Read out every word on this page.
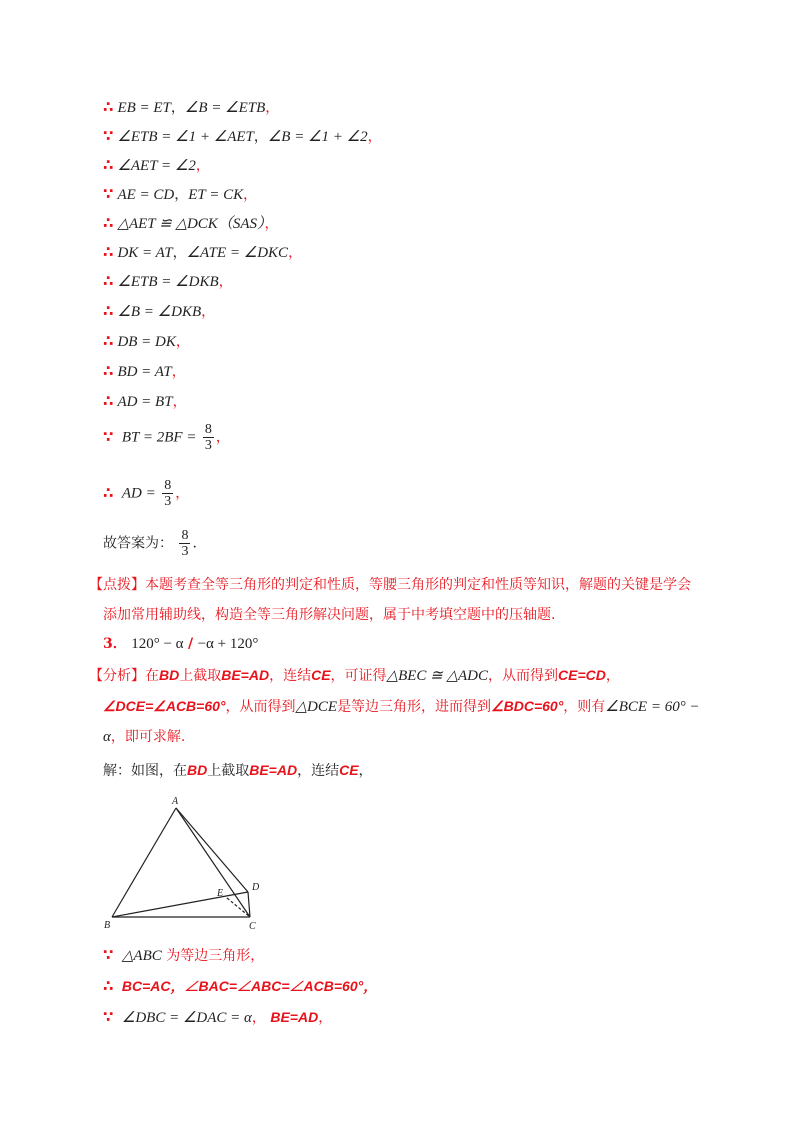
∴ EB = ET，∠B = ∠ETB，
∵ ∠ETB = ∠1 + ∠AET，∠B = ∠1 + ∠2，
∴ ∠AET = ∠2，
∵ AE = CD，ET = CK，
∴ △AET ≌ △DCK（SAS），
∴ DK = AT，∠ATE = ∠DKC，
∴ ∠ETB = ∠DKB，
∴ ∠B = ∠DKB，
∴ DB = DK，
∴ BD = AT，
∴ AD = BT，
∵ BT = $2BF = \frac{8}{3}$ ，
∴ AD = $\frac{8}{3}$ ，
故答案为： $\frac{8}{3}$ .
【点拨】本题考查全等三角形的判定和性质，等腰三角形的判定和性质等知识，解题的关键是学会添加常用辅助线，构造全等三角形解决问题，属于中考填空题中的压轴题.
3． 120° − α / −α + 120°
【分析】在BD上截取BE=AD，连结CE，可证得△BEC ≅ △ADC，从而得到CE=CD，∠DCE=∠ACB=60°，从而得到△DCE是等边三角形，进而得到∠BDC=60°，则有∠BCE = 60° − α，即可求解.
解：如图，在BD上截取BE=AD，连结CE，
A
B	C
D
E
∵ △ABC 为等边三角形，
∴ BC=AC，∠BAC=∠ABC=∠ACB=60°，
∵ ∠DBC = ∠DAC = α， BE=AD，
